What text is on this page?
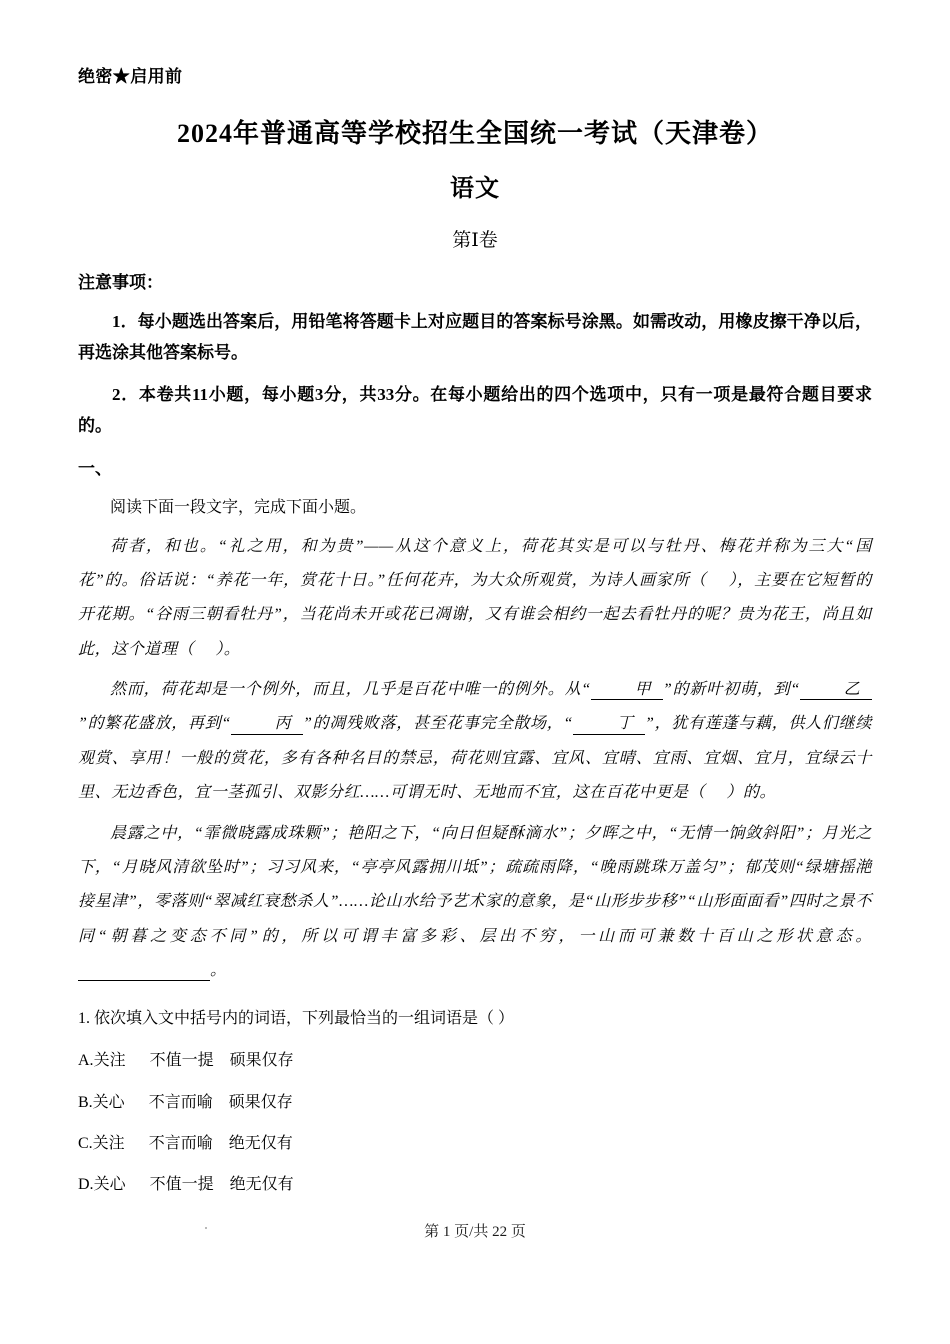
绝密★启用前
2024年普通高等学校招生全国统一考试（天津卷）
语文
第Ⅰ卷
注意事项：
1．每小题选出答案后，用铅笔将答题卡上对应题目的答案标号涂黑。如需改动，用橡皮擦干净以后，再选涂其他答案标号。
2．本卷共11小题，每小题3分，共33分。在每小题给出的四个选项中，只有一项是最符合题目要求的。
一、
阅读下面一段文字，完成下面小题。
荷者，和也。“礼之用，和为贵”——从这个意义上，荷花其实是可以与牡丹、梅花并称为三大“国花”的。俗话说：“养花一年，赏花十日。”任何花卉，为大众所观赏，为诗人画家所（ ），主要在它短暂的开花期。“谷雨三朝看牡丹”，当花尚未开或花已凋谢，又有谁会相约一起去看牡丹的呢？贵为花王，尚且如此，这个道理（ ）。
然而，荷花却是一个例外，而且，几乎是百花中唯一的例外。从“	甲 ”的新叶初萌，到“	乙”的繁花盛放，再到“	丙 ”的凋残败落，甚至花事完全散场，“	丁 ”，犹有莲蓬与藕，供人们继续观赏、享用！一般的赏花，多有各种名目的禁忌，荷花则宜露、宜风、宜晴、宜雨、宜烟、宜月，宜绿云十里、无边香色，宜一茎孤引、双影分红……可谓无时、无地而不宜，这在百花中更是（ ）的。
晨露之中，“霏微晓露成珠颗”；艳阳之下，“向日但疑酥滴水”；夕晖之中，“无情一饷敛斜阳”；月光之下，“月晓风清欲坠时”；习习风来，“亭亭风露拥川坻”；疏疏雨降，“晚雨跳珠万盖匀”；郁茂则“绿塘摇滟接星津”，零落则“翠减红衰愁杀人”……论山水给予艺术家的意象，是“山形步步移”“山形面面看”四时之景不同“朝暮之变态不同”的，所以可谓丰富多彩、层出不穷，一山而可兼数十百山之形状意态。 。
1. 依次填入文中括号内的词语，下列最恰当的一组词语是（ ）
A.关注 不值一提 硕果仅存
B.关心 不言而喻 硕果仅存
C.关注 不言而喻 绝无仅有
D.关心 不值一提 绝无仅有
第 1 页/共 22 页
